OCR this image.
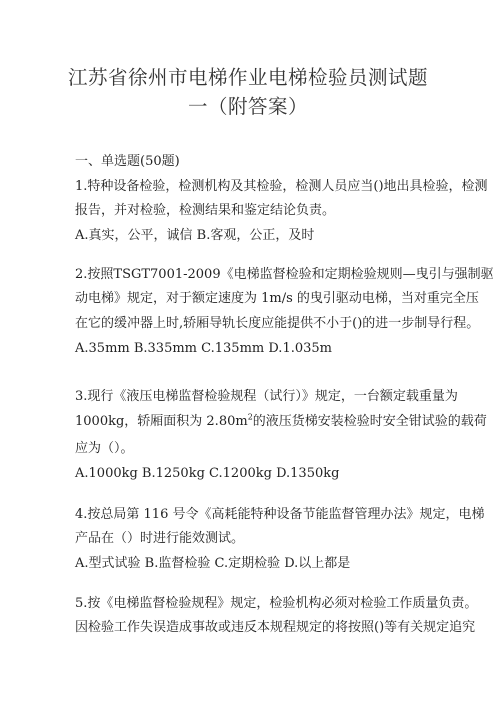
江苏省徐州市电梯作业电梯检验员测试题
一（附答案）
一、单选题(50题)
1.特种设备检验，检测机构及其检验，检测人员应当()地出具检验，检测
报告，并对检验，检测结果和鉴定结论负责。
A.真实，公平，诚信 B.客观，公正，及时
2.按照TSGT7001-2009《电梯监督检验和定期检验规则—曳引与强制驱
动电梯》规定，对于额定速度为 1m/s 的曳引驱动电梯，当对重完全压
在它的缓冲器上时,轿厢导轨长度应能提供不小于()的进一步制导行程。
A.35mm B.335mm C.135mm D.1.035m
3.现行《液压电梯监督检验规程（试行）》规定，一台额定载重量为
1000kg，轿厢面积为 $2.80m^2$的液压货梯安装检验时安全钳试验的载荷
应为（）。
A.1000kg B.1250kg C.1200kg D.1350kg
4.按总局第 116 号令《高耗能特种设备节能监督管理办法》规定，电梯
产品在（）时进行能效测试。
A.型式试验 B.监督检验 C.定期检验 D.以上都是
5.按《电梯监督检验规程》规定，检验机构必须对检验工作质量负责。
因检验工作失误造成事故或违反本规程规定的将按照()等有关规定追究
